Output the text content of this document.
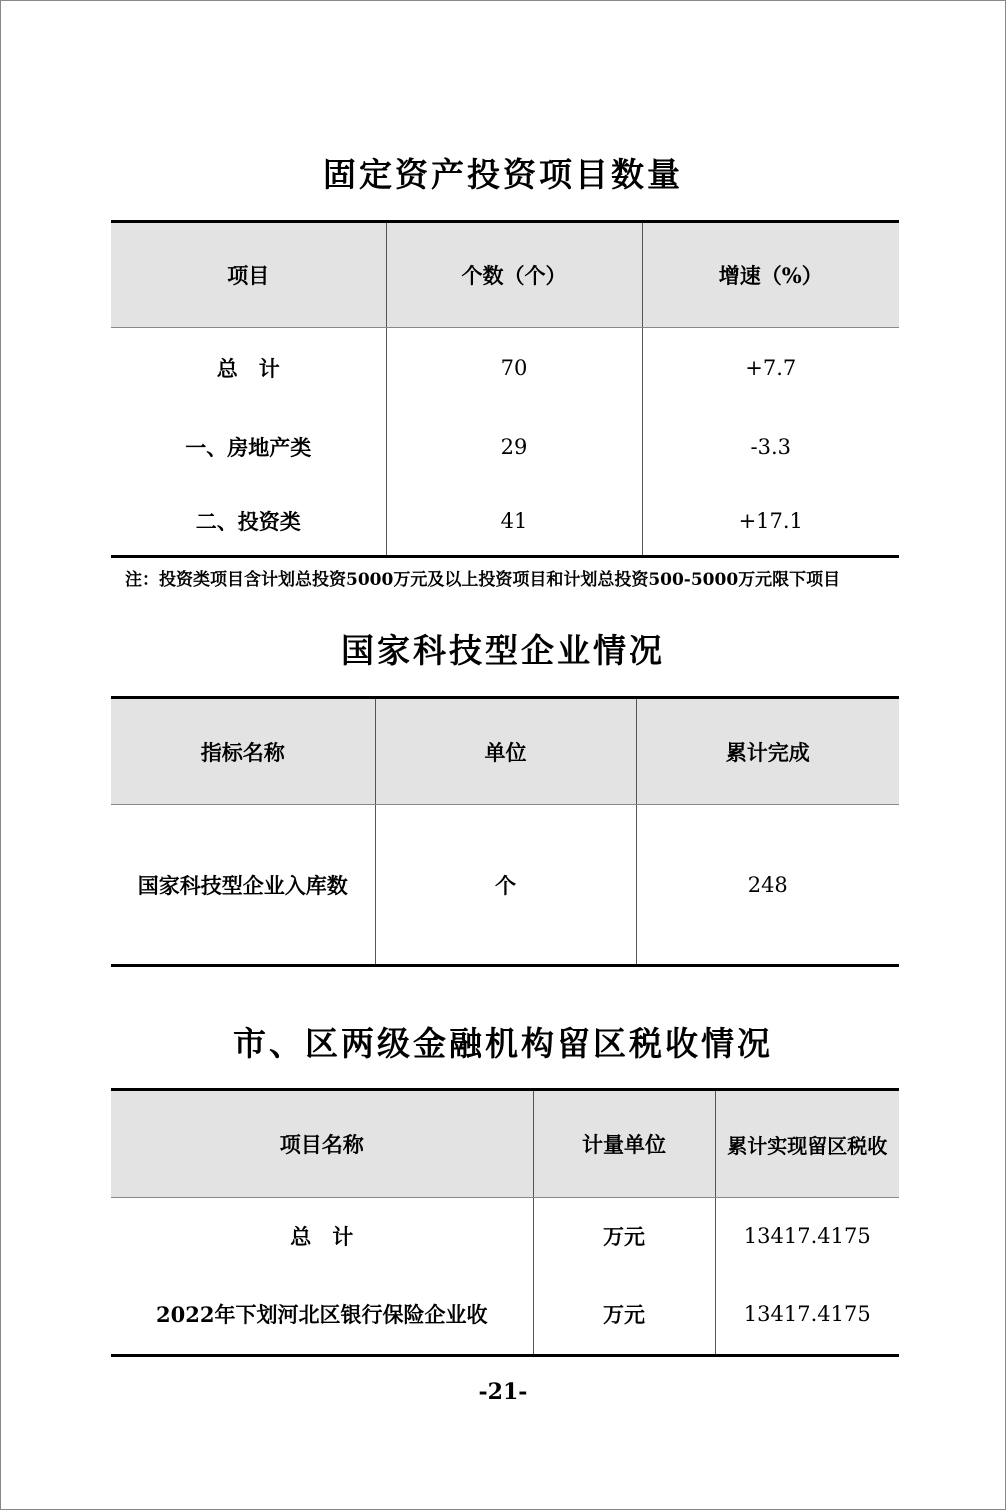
固定资产投资项目数量
项目	个数（个）	增速（%）
总　计	70	+7.7
一、房地产类	29	-3.3
二、投资类	41	+17.1
注：投资类项目含计划总投资5000万元及以上投资项目和计划总投资500-5000万元限下项目
国家科技型企业情况
指标名称	单位	累计完成
国家科技型企业入库数	个	248
市、区两级金融机构留区税收情况
项目名称	计量单位	累计实现留区税收
总　计	万元	13417.4175
2022年下划河北区银行保险企业收	万元	13417.4175
-21-
